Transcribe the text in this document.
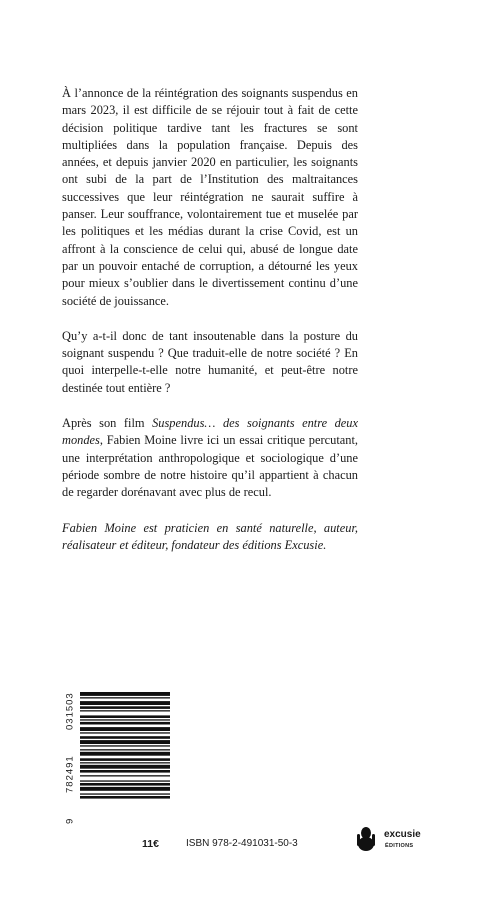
À l’annonce de la réintégration des soignants suspendus en mars 2023, il est difficile de se réjouir tout à fait de cette décision politique tardive tant les fractures se sont multipliées dans la population française. Depuis des années, et depuis janvier 2020 en particulier, les soignants ont subi de la part de l’Institution des maltraitances successives que leur réintégration ne saurait suffire à panser. Leur souffrance, volontairement tue et muselée par les politiques et les médias durant la crise Covid, est un affront à la conscience de celui qui, abusé de longue date par un pouvoir entaché de corruption, a détourné les yeux pour mieux s’oublier dans le divertissement continu d’une société de jouissance.

Qu’y a-t-il donc de tant insoutenable dans la posture du soignant suspendu ? Que traduit-elle de notre société ? En quoi interpelle-t-elle notre humanité, et peut-être notre destinée tout entière ?

Après son film Suspendus… des soignants entre deux mondes, Fabien Moine livre ici un essai critique percutant, une interprétation anthropologique et sociologique d’une période sombre de notre histoire qu’il appartient à chacun de regarder dorénavant avec plus de recul.

Fabien Moine est praticien en santé naturelle, auteur, réalisateur et éditeur, fondateur des éditions Excusie.

9
782491
031503
11€	ISBN 978-2-491031-50-3
excusie
ÉDITIONS
